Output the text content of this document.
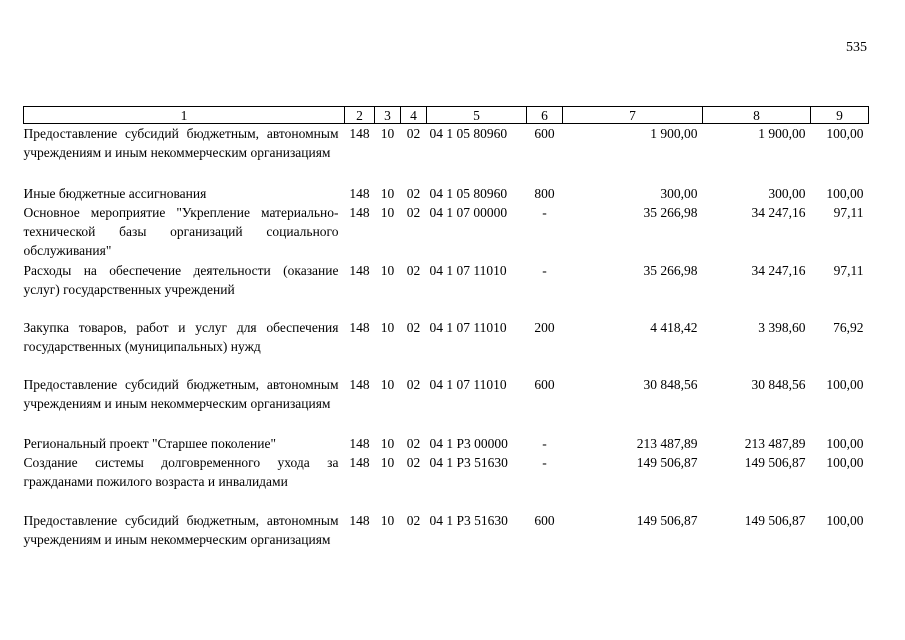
535
1	2	3	4	5	6	7	8	9
Предоставление субсидий бюджетным, автономным учреждениям и иным некоммерческим организациям	148	10	02	04 1 05 80960	600	1 900,00	1 900,00	100,00
Иные бюджетные ассигнования	148	10	02	04 1 05 80960	800	300,00	300,00	100,00
Основное мероприятие "Укрепление материально-технической базы организаций социального обслуживания"	148	10	02	04 1 07 00000	-	35 266,98	34 247,16	97,11
Расходы на обеспечение деятельности (оказание услуг) государственных учреждений	148	10	02	04 1 07 11010	-	35 266,98	34 247,16	97,11
Закупка товаров, работ и услуг для обеспечения государственных (муниципальных) нужд	148	10	02	04 1 07 11010	200	4 418,42	3 398,60	76,92
Предоставление субсидий бюджетным, автономным учреждениям и иным некоммерческим организациям	148	10	02	04 1 07 11010	600	30 848,56	30 848,56	100,00
Региональный проект "Старшее поколение"	148	10	02	04 1 P3 00000	-	213 487,89	213 487,89	100,00
Создание системы долговременного ухода за гражданами пожилого возраста и инвалидами	148	10	02	04 1 P3 51630	-	149 506,87	149 506,87	100,00
Предоставление субсидий бюджетным, автономным учреждениям и иным некоммерческим организациям	148	10	02	04 1 P3 51630	600	149 506,87	149 506,87	100,00
